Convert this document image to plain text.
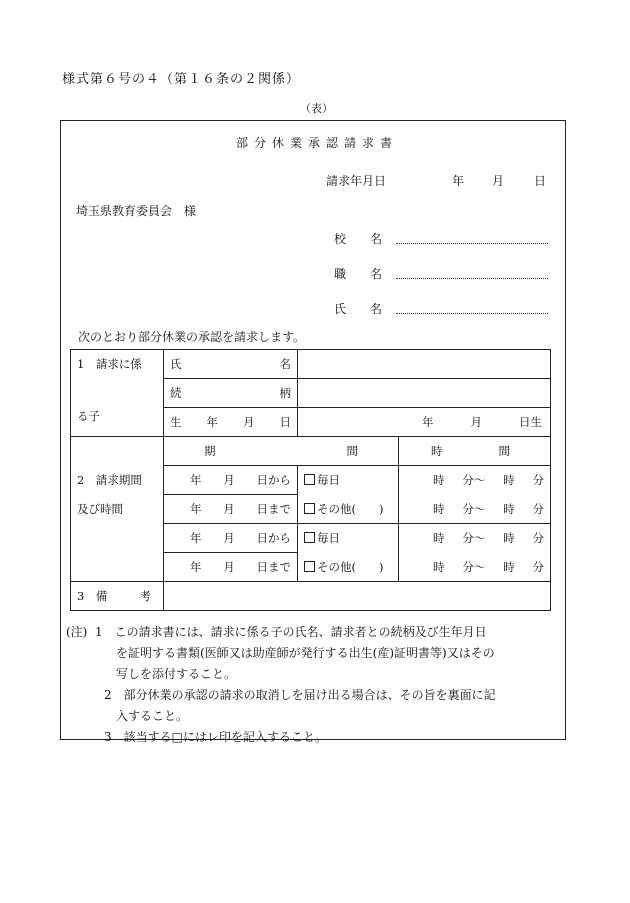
様式第６号の４（第１６条の２関係）
（表）
部分休業承認請求書
請求年月日	年 月 日
埼玉県教育委員会　様
校　　名
職　　名
氏　　名
次のとおり部分休業の承認を請求します。
1　請求に係	氏 名		

	続 柄		

る子	生 年 月 日	年 月 日生	

	期 間		時 間

2　請求期間	年 月 日から	毎日	時 分～ 時 分

及び時間	年 月 日まで	その他(　　)	時 分～ 時 分

	年 月 日から	毎日	時 分～ 時 分

	年 月 日まで	その他(　　)	時 分～ 時 分

3　備 考			

(注) 1　この請求書には、請求に係る子の氏名、請求者との続柄及び生年月日
を証明する書類(医師又は助産師が発行する出生(産)証明書等)又はその
写しを添付すること。
2　部分休業の承認の請求の取消しを届け出る場合は、その旨を裏面に記
入すること。
3　該当する□にはレ印を記入すること。
